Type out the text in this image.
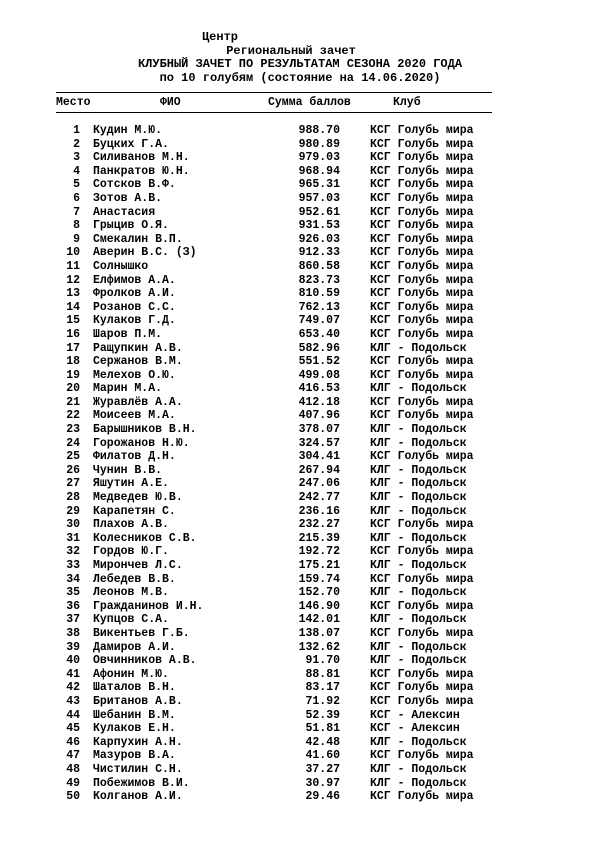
Центр
Региональный зачет
КЛУБНЫЙ ЗАЧЕТ ПО РЕЗУЛЬТАТАМ СЕЗОНА 2020 ГОДА
по 10 голубям (состояние на 14.06.2020)
Место	ФИО	Сумма баллов	Клуб
1 Кудин М.Ю.	988.70	КСГ Голубь мира
2 Буцких Г.А.	980.89	КСГ Голубь мира
3 Силиванов М.Н.	979.03	КСГ Голубь мира
4 Панкратов Ю.Н.	968.94	КСГ Голубь мира
5 Сотсков В.Ф.	965.31	КСГ Голубь мира
6 Зотов А.В.	957.03	КСГ Голубь мира
7 Анастасия	952.61	КСГ Голубь мира
8 Грыцив О.Я.	931.53	КСГ Голубь мира
9 Смекалин В.П.	926.03	КСГ Голубь мира
10 Аверин В.С. (З)	912.33	КСГ Голубь мира
11 Солнышко	860.58	КСГ Голубь мира
12 Елфимов А.А.	823.73	КСГ Голубь мира
13 Фролков А.И.	810.59	КСГ Голубь мира
14 Розанов С.С.	762.13	КСГ Голубь мира
15 Кулаков Г.Д.	749.07	КСГ Голубь мира
16 Шаров П.М.	653.40	КСГ Голубь мира
17 Ращупкин А.В.	582.96	КЛГ - Подольск
18 Сержанов В.М.	551.52	КСГ Голубь мира
19 Мелехов О.Ю.	499.08	КСГ Голубь мира
20 Марин М.А.	416.53	КЛГ - Подольск
21 Журавлёв А.А.	412.18	КСГ Голубь мира
22 Моисеев М.А.	407.96	КСГ Голубь мира
23 Барышников В.Н.	378.07	КЛГ - Подольск
24 Горожанов Н.Ю.	324.57	КЛГ - Подольск
25 Филатов Д.Н.	304.41	КСГ Голубь мира
26 Чунин В.В.	267.94	КЛГ - Подольск
27 Яшутин А.Е.	247.06	КЛГ - Подольск
28 Медведев Ю.В.	242.77	КЛГ - Подольск
29 Карапетян С.	236.16	КЛГ - Подольск
30 Плахов А.В.	232.27	КСГ Голубь мира
31 Колесников С.В.	215.39	КЛГ - Подольск
32 Гордов Ю.Г.	192.72	КСГ Голубь мира
33 Мирончев Л.С.	175.21	КЛГ - Подольск
34 Лебедев В.В.	159.74	КСГ Голубь мира
35 Леонов М.В.	152.70	КЛГ - Подольск
36 Гражданинов И.Н.	146.90	КСГ Голубь мира
37 Купцов С.А.	142.01	КЛГ - Подольск
38 Викентьев Г.Б.	138.07	КСГ Голубь мира
39 Дамиров А.И.	132.62	КЛГ - Подольск
40 Овчинников А.В.	91.70	КЛГ - Подольск
41 Афонин М.Ю.	88.81	КСГ Голубь мира
42 Шаталов В.Н.	83.17	КСГ Голубь мира
43 Британов А.В.	71.92	КСГ Голубь мира
44 Шебанин В.М.	52.39	КСГ - Алексин
45 Кулаков Е.Н.	51.81	КСГ - Алексин
46 Карпухин А.Н.	42.48	КЛГ - Подольск
47 Мазуров В.А.	41.60	КСГ Голубь мира
48 Чистилин С.Н.	37.27	КЛГ - Подольск
49 Побежимов В.И.	30.97	КЛГ - Подольск
50 Колганов А.И.	29.46	КСГ Голубь мира
